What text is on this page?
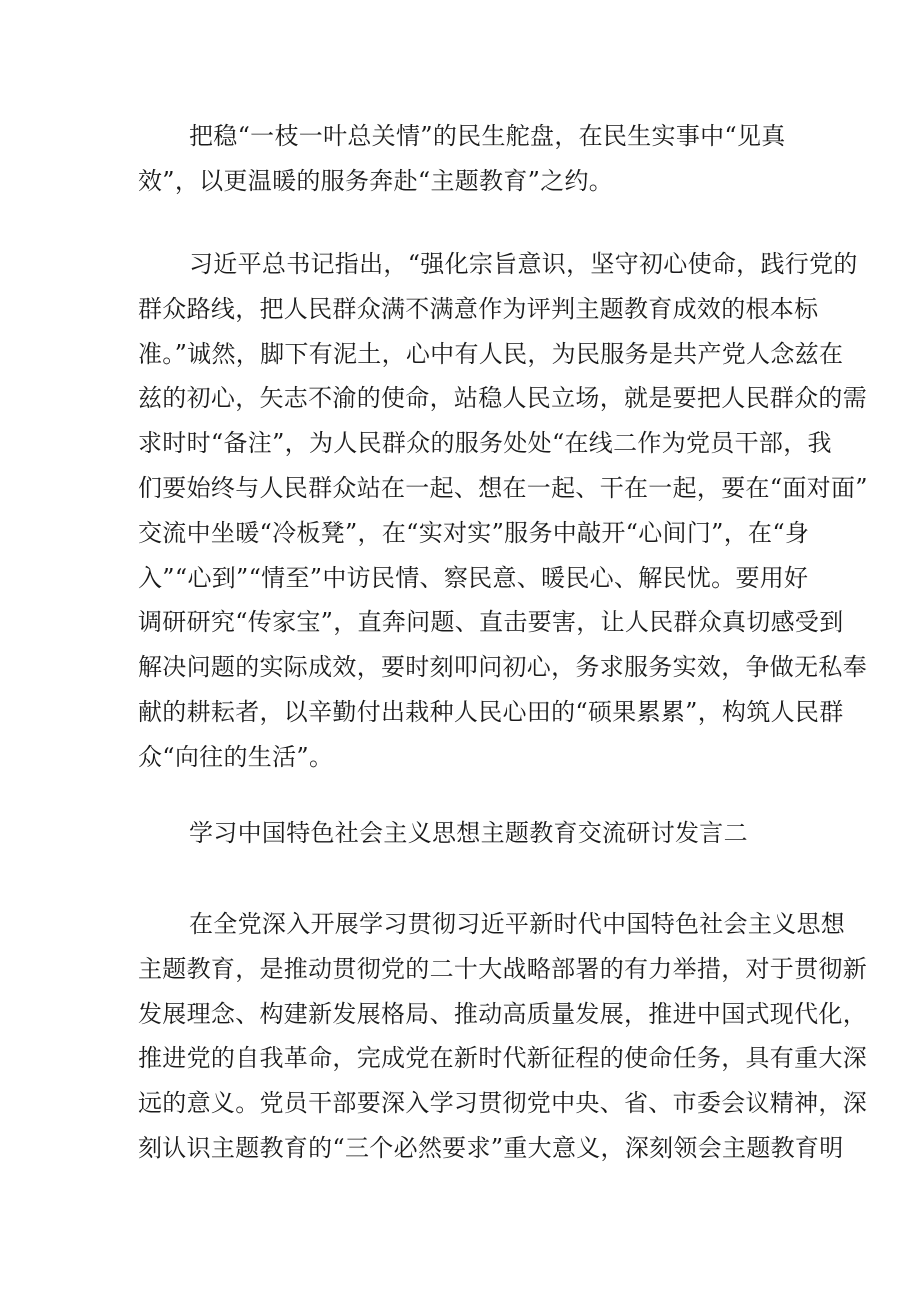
把稳“一枝一叶总关情”的民生舵盘，在民生实事中“见真
效”，以更温暖的服务奔赴“主题教育”之约。
习近平总书记指出，“强化宗旨意识，坚守初心使命，践行党的
群众路线，把人民群众满不满意作为评判主题教育成效的根本标
准。”诚然，脚下有泥土，心中有人民，为民服务是共产党人念兹在
兹的初心，矢志不渝的使命，站稳人民立场，就是要把人民群众的需
求时时“备注”，为人民群众的服务处处“在线二作为党员干部，我
们要始终与人民群众站在一起、想在一起、干在一起，要在“面对面”
交流中坐暖“冷板凳”，在“实对实”服务中敲开“心间门”，在“身
入”“心到”“情至”中访民情、察民意、暖民心、解民忧。要用好
调研研究“传家宝”，直奔问题、直击要害，让人民群众真切感受到
解决问题的实际成效，要时刻叩问初心，务求服务实效，争做无私奉
献的耕耘者，以辛勤付出栽种人民心田的“硕果累累”，构筑人民群
众“向往的生活”。
学习中国特色社会主义思想主题教育交流研讨发言二
在全党深入开展学习贯彻习近平新时代中国特色社会主义思想
主题教育，是推动贯彻党的二十大战略部署的有力举措，对于贯彻新
发展理念、构建新发展格局、推动高质量发展，推进中国式现代化，
推进党的自我革命，完成党在新时代新征程的使命任务，具有重大深
远的意义。党员干部要深入学习贯彻党中央、省、市委会议精神，深
刻认识主题教育的“三个必然要求”重大意义，深刻领会主题教育明
